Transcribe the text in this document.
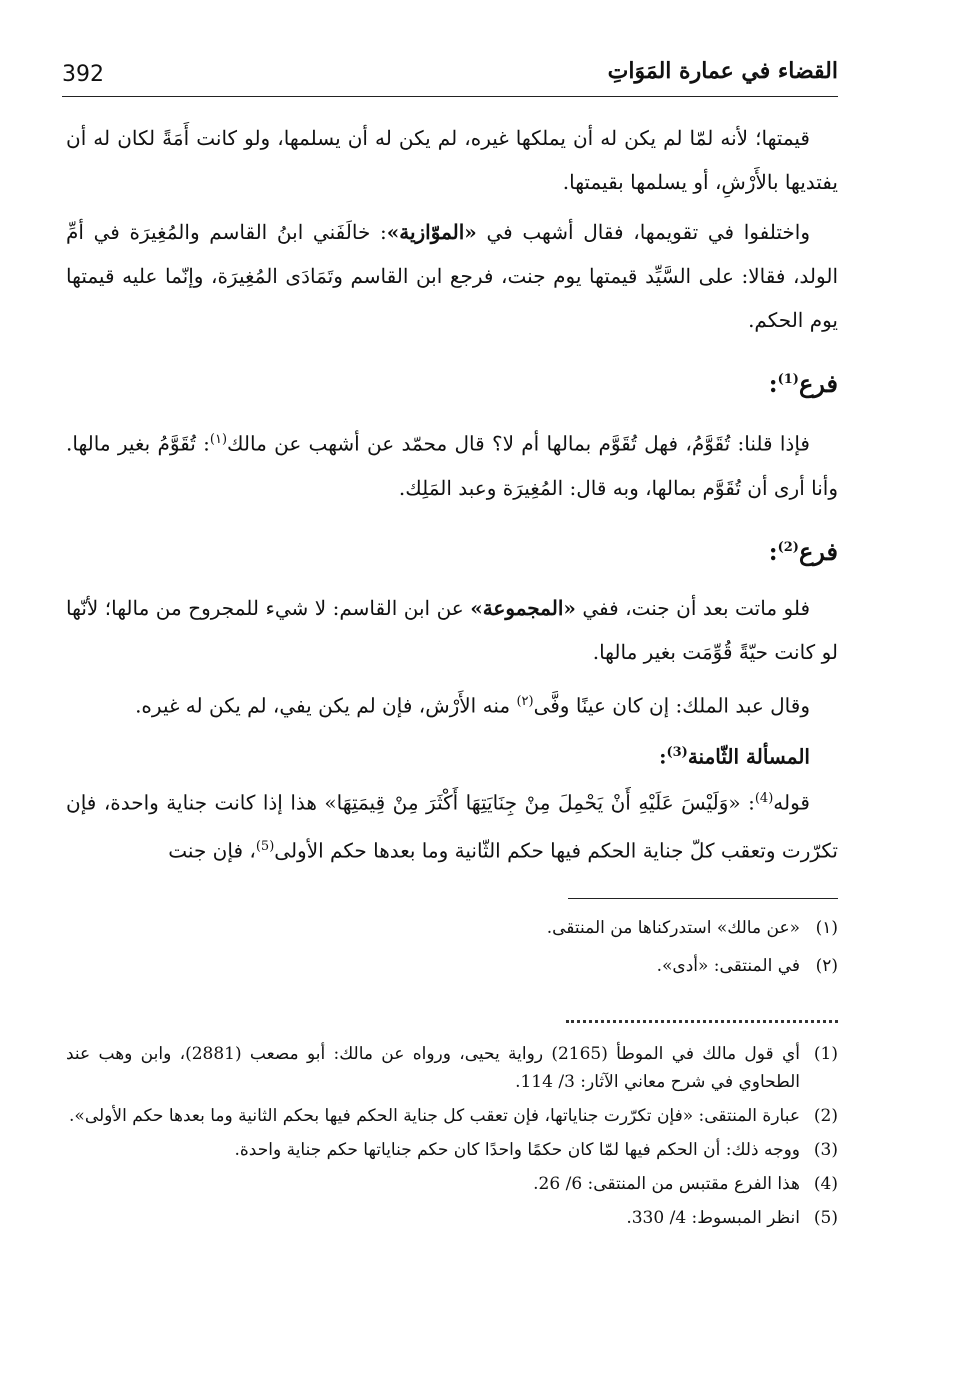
392	القضاء في عمارة المَوَاتِ

قيمتها؛ لأنه لمّا لم يكن له أن يملكها غيره، لم يكن له أن يسلمها، ولو كانت أَمَةً لكان له أن يفتديها بالأَرْشِ، أو يسلمها بقيمتها.

واختلفوا في تقويمها، فقال أشهب في «الموّازية»: خالَفَني ابنُ القاسم والمُغِيرَة في أمِّ الولد، فقالا: على السَّيِّد قيمتها يوم جنت، فرجع ابن القاسم وتَمَادَى المُغِيرَة، وإنّما عليه قيمتها يوم الحكم.

فرع$^{(1)}$:

فإذا قلنا: تُقَوَّمُ، فهل تُقَوَّم بمالها أم لا؟ قال محمّد عن أشهب عن مالك$^{(١)}$: تُقَوَّمُ بغير مالها. وأنا أرى أن تُقَوَّم بمالها، وبه قال: المُغِيرَة وعبد المَلِك.

فرع$^{(2)}$:

فلو ماتت بعد أن جنت، ففي «المجموعة» عن ابن القاسم: لا شيء للمجروح من مالها؛ لأنّها لو كانت حيّةً قُوِّمَت بغير مالها.

وقال عبد الملك: إن كان عينًا وفَّى$^{(٢)}$ منه الأَرْش، فإن لم يكن يفي، لم يكن له غيره.

المسألة الثّامنة$^{(3)}$:

قوله$^{(4)}$: «وَلَيْسَ عَلَيْهِ أَنْ يَحْمِلَ مِنْ جِنَايَتِهَا أَكْثَرَ مِنْ قِيمَتِهَا» هذا إذا كانت جناية واحدة، فإن تكرّرت وتعقب كلّ جناية الحكم فيها حكم الثّانية وما بعدها حكم الأولى$^{(5)}$، فإن جنت

(١)
«عن مالك» استدركناها من المنتقى.
(٢)
في المنتقى: «أدى».
(1)
أي قول مالك في الموطأ (2165) رواية يحيى، ورواه عن مالك: أبو مصعب (2881)، وابن وهب عند الطحاوي في شرح معاني الآثار: 3/ 114.
(2)
عبارة المنتقى: «فإن تكرّرت جناياتها، فإن تعقب كل جناية الحكم فيها بحكم الثانية وما بعدها حكم الأولى».
(3)
ووجه ذلك: أن الحكم فيها لمّا كان حكمًا واحدًا كان حكم جناياتها حكم جناية واحدة.
(4)
هذا الفرع مقتبس من المنتقى: 6/ 26.
(5)
انظر المبسوط: 4/ 330.
